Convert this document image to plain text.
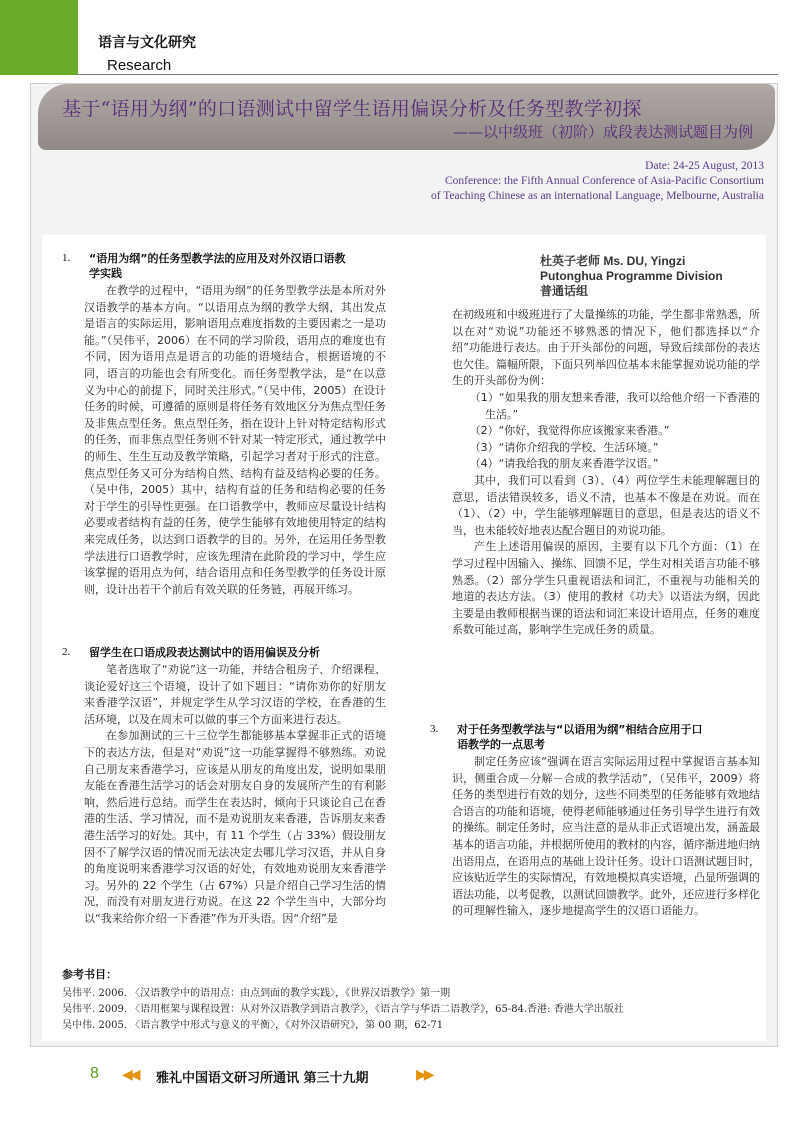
语言与文化研究
Research
基于“语用为纲”的口语测试中留学生语用偏误分析及任务型教学初探
——以中级班（初阶）成段表达测试题目为例
Date: 24-25 August, 2013
Conference: the Fifth Annual Conference of Asia-Pacific Consortium
of Teaching Chinese as an international Language, Melbourne, Australia
杜英子老师 Ms. DU, Yingzi
Putonghua Programme Division
普通话组
1. “语用为纲”的任务型教学法的应用及对外汉语口语教
学实践

在教学的过程中，“语用为纲”的任务型教学法是本所对外汉语教学的基本方向。“以语用点为纲的教学大纲，其出发点是语言的实际运用，影响语用点难度指数的主要因素之一是功能。”（吴伟平，2006）在不同的学习阶段，语用点的难度也有不同，因为语用点是语言的功能的语境结合，根据语境的不同，语言的功能也会有所变化。而任务型教学法，是“在以意义为中心的前提下，同时关注形式。”（吴中伟，2005）在设计任务的时候，可遵循的原则是将任务有效地区分为焦点型任务及非焦点型任务。焦点型任务，指在设计上针对特定结构形式的任务，而非焦点型任务则不针对某一特定形式，通过教学中的师生、生生互动及教学策略，引起学习者对于形式的注意。焦点型任务又可分为结构自然、结构有益及结构必要的任务。（吴中伟，2005）其中，结构有益的任务和结构必要的任务对于学生的引导性更强。在口语教学中，教师应尽量设计结构必要或者结构有益的任务，使学生能够有效地使用特定的结构来完成任务，以达到口语教学的目的。另外，在运用任务型教学法进行口语教学时，应该先理清在此阶段的学习中，学生应该掌握的语用点为何，结合语用点和任务型教学的任务设计原则，设计出若干个前后有效关联的任务链，再展开练习。

2. 留学生在口语成段表达测试中的语用偏误及分析

笔者选取了“劝说”这一功能，并结合租房子、介绍课程、谈论爱好这三个语境，设计了如下题目：“请你劝你的好朋友来香港学汉语”，并规定学生从学习汉语的学校，在香港的生活环境，以及在周末可以做的事三个方面来进行表达。

在参加测试的三十三位学生都能够基本掌握非正式的语境下的表达方法，但是对“劝说”这一功能掌握得不够熟练。劝说自己朋友来香港学习，应该是从朋友的角度出发，说明如果朋友能在香港生活学习的话会对朋友自身的发展所产生的有利影响，然后进行总结。而学生在表达时，倾向于只谈论自己在香港的生活、学习情况，而不是劝说朋友来香港，告诉朋友来香港生活学习的好处。其中，有 11 个学生（占 33%）假设朋友因不了解学汉语的情况而无法决定去哪儿学习汉语，并从自身的角度说明来香港学习汉语的好处，有效地劝说朋友来香港学习。另外的 22 个学生（占 67%）只是介绍自己学习生活的情况，而没有对朋友进行劝说。在这 22 个学生当中，大部分均以“我来给你介绍一下香港”作为开头语。因“介绍”是

在初级班和中级班进行了大量操练的功能，学生都非常熟悉，所以在对“劝说”功能还不够熟悉的情况下，他们都选择以“介绍”功能进行表达。由于开头部份的问题，导致后续部份的表达也欠佳。篇幅所限，下面只列举四位基本未能掌握劝说功能的学生的开头部份为例：

（1）“如果我的朋友想来香港，我可以给他介绍一下香港的生活。”

（2）“你好，我觉得你应该搬家来香港。”

（3）“请你介绍我的学校、生活环境。”

（4）“请我给我的朋友来香港学汉语。”

其中，我们可以看到（3）、（4）两位学生未能理解题目的意思，语法错误较多，语义不清，也基本不像是在劝说。而在（1）、（2）中，学生能够理解题目的意思，但是表达的语义不当，也未能较好地表达配合题目的劝说功能。

产生上述语用偏误的原因，主要有以下几个方面：（1）在学习过程中因输入、操练、回馈不足，学生对相关语言功能不够熟悉。（2）部分学生只重视语法和词汇，不重视与功能相关的地道的表达方法。（3）使用的教材《功夫》以语法为纲，因此主要是由教师根据当课的语法和词汇来设计语用点，任务的难度系数可能过高，影响学生完成任务的质量。

3. 对于任务型教学法与“以语用为纲”相结合应用于口
语教学的一点思考

制定任务应该“强调在语言实际运用过程中掌握语言基本知识，侧重合成－分解－合成的教学活动”，（吴伟平，2009）将任务的类型进行有效的划分，这些不同类型的任务能够有效地结合语言的功能和语境，使得老师能够通过任务引导学生进行有效的操练。制定任务时，应当注意的是从非正式语境出发，涵盖最基本的语言功能，并根据所使用的教材的内容，循序渐进地归纳出语用点，在语用点的基础上设计任务。设计口语测试题目时，应该贴近学生的实际情况，有效地模拟真实语境，凸显所强调的语法功能，以考促教，以测试回馈教学。此外，还应进行多样化的可理解性输入，逐步地提高学生的汉语口语能力。

参考书目：
吴伟平. 2006. 〈汉语教学中的语用点：由点到面的教学实践〉，《世界汉语教学》第一期
吴伟平. 2009. 〈语用框架与课程设置：从对外汉语教学到语言教学〉，《语言学与华语二语教学》，65-84.香港: 香港大学出版社
吴中伟. 2005. 〈语言教学中形式与意义的平衡〉，《对外汉语研究》，第 00 期，62-71
8 ◀◀ 雅礼中国语文研习所通讯 第三十九期	▶▶
